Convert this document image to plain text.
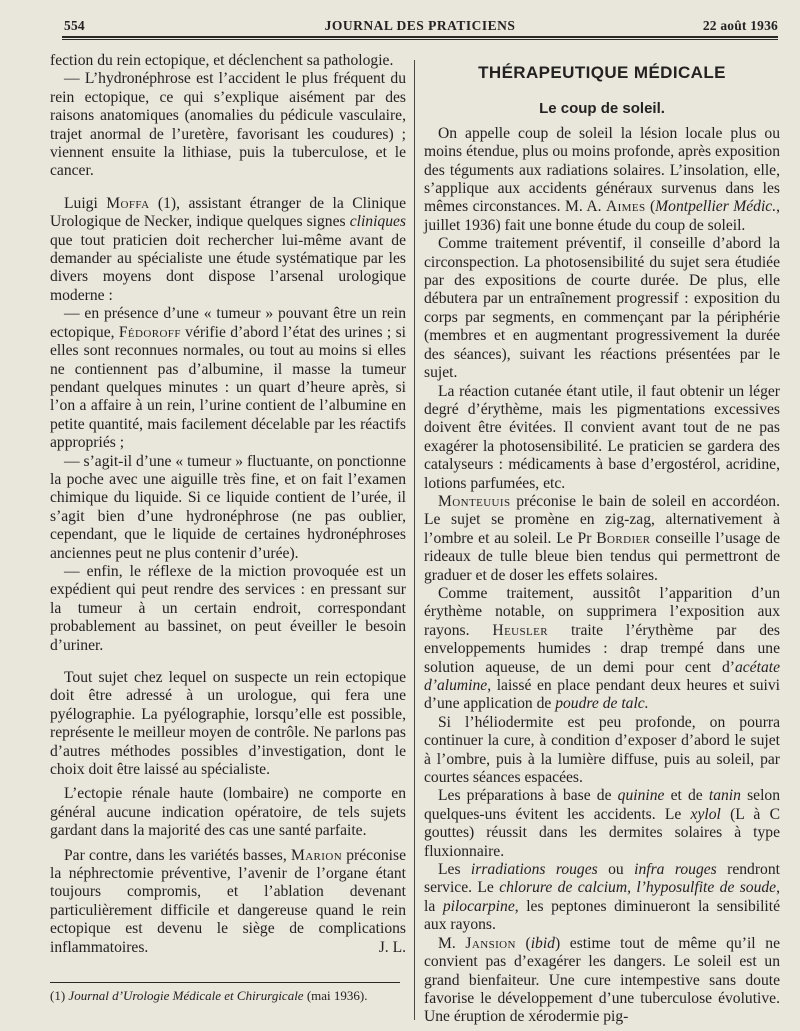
554	JOURNAL DES PRATICIENS	22 août 1936

fection du rein ectopique, et déclenchent sa pathologie.

— L’hydronéphrose est l’accident le plus fréquent du rein ectopique, ce qui s’explique aisément par des raisons anatomiques (anomalies du pédicule vasculaire, trajet anormal de l’uretère, favorisant les coudures) ; viennent ensuite la lithiase, puis la tuberculose, et le cancer.

Luigi Moffa (1), assistant étranger de la Clinique Urologique de Necker, indique quelques signes cliniques que tout praticien doit rechercher lui-même avant de demander au spécialiste une étude systématique par les divers moyens dont dispose l’arsenal urologique moderne :

— en présence d’une « tumeur » pouvant être un rein ectopique, Fédoroff vérifie d’abord l’état des urines ; si elles sont reconnues normales, ou tout au moins si elles ne contiennent pas d’albumine, il masse la tumeur pendant quelques minutes : un quart d’heure après, si l’on a affaire à un rein, l’urine contient de l’albumine en petite quantité, mais facilement décelable par les réactifs appropriés ;

— s’agit-il d’une « tumeur » fluctuante, on ponctionne la poche avec une aiguille très fine, et on fait l’examen chimique du liquide. Si ce liquide contient de l’urée, il s’agit bien d’une hydronéphrose (ne pas oublier, cependant, que le liquide de certaines hydronéphroses anciennes peut ne plus contenir d’urée).

— enfin, le réflexe de la miction provoquée est un expédient qui peut rendre des services : en pressant sur la tumeur à un certain endroit, correspondant probablement au bassinet, on peut éveiller le besoin d’uriner.

Tout sujet chez lequel on suspecte un rein ectopique doit être adressé à un urologue, qui fera une pyélographie. La pyélographie, lorsqu’elle est possible, représente le meilleur moyen de contrôle. Ne parlons pas d’autres méthodes possibles d’investigation, dont le choix doit être laissé au spécialiste.

L’ectopie rénale haute (lombaire) ne comporte en général aucune indication opératoire, de tels sujets gardant dans la majorité des cas une santé parfaite.

Par contre, dans les variétés basses, Marion préconise la néphrectomie préventive, l’avenir de l’organe étant toujours compromis, et l’ablation devenant particulièrement difficile et dangereuse quand le rein ectopique est devenu le siège de complications inflammatoires.	J. L.

(1) Journal d’Urologie Médicale et Chirurgicale (mai 1936).
THÉRAPEUTIQUE MÉDICALE
Le coup de soleil.

On appelle coup de soleil la lésion locale plus ou moins étendue, plus ou moins profonde, après exposition des téguments aux radiations solaires. L’insolation, elle, s’applique aux accidents généraux survenus dans les mêmes circonstances. M. A. Aimes (Montpellier Médic., juillet 1936) fait une bonne étude du coup de soleil.

Comme traitement préventif, il conseille d’abord la circonspection. La photosensibilité du sujet sera étudiée par des expositions de courte durée. De plus, elle débutera par un entraînement progressif : exposition du corps par segments, en commençant par la périphérie (membres et en augmentant progressivement la durée des séances), suivant les réactions présentées par le sujet.

La réaction cutanée étant utile, il faut obtenir un léger degré d’érythème, mais les pigmentations excessives doivent être évitées. Il convient avant tout de ne pas exagérer la photosensibilité. Le praticien se gardera des catalyseurs : médicaments à base d’ergostérol, acridine, lotions parfumées, etc.

Monteuuis préconise le bain de soleil en accordéon. Le sujet se promène en zig-zag, alternativement à l’ombre et au soleil. Le Pr Bordier conseille l’usage de rideaux de tulle bleue bien tendus qui permettront de graduer et de doser les effets solaires.

Comme traitement, aussitôt l’apparition d’un érythème notable, on supprimera l’exposition aux rayons. Heusler traite l’érythème par des enveloppements humides : drap trempé dans une solution aqueuse, de un demi pour cent d’acétate d’alumine, laissé en place pendant deux heures et suivi d’une application de poudre de talc.

Si l’héliodermite est peu profonde, on pourra continuer la cure, à condition d’exposer d’abord le sujet à l’ombre, puis à la lumière diffuse, puis au soleil, par courtes séances espacées.

Les préparations à base de quinine et de tanin selon quelques-uns évitent les accidents. Le xylol (L à C gouttes) réussit dans les dermites solaires à type fluxionnaire.

Les irradiations rouges ou infra rouges rendront service. Le chlorure de calcium, l’hyposulfite de soude, la pilocarpine, les peptones diminueront la sensibilité aux rayons.

M. Jansion (ibid) estime tout de même qu’il ne convient pas d’exagérer les dangers. Le soleil est un grand bienfaiteur. Une cure intempestive sans doute favorise le développement d’une tuberculose évolutive. Une éruption de xérodermie pig-
